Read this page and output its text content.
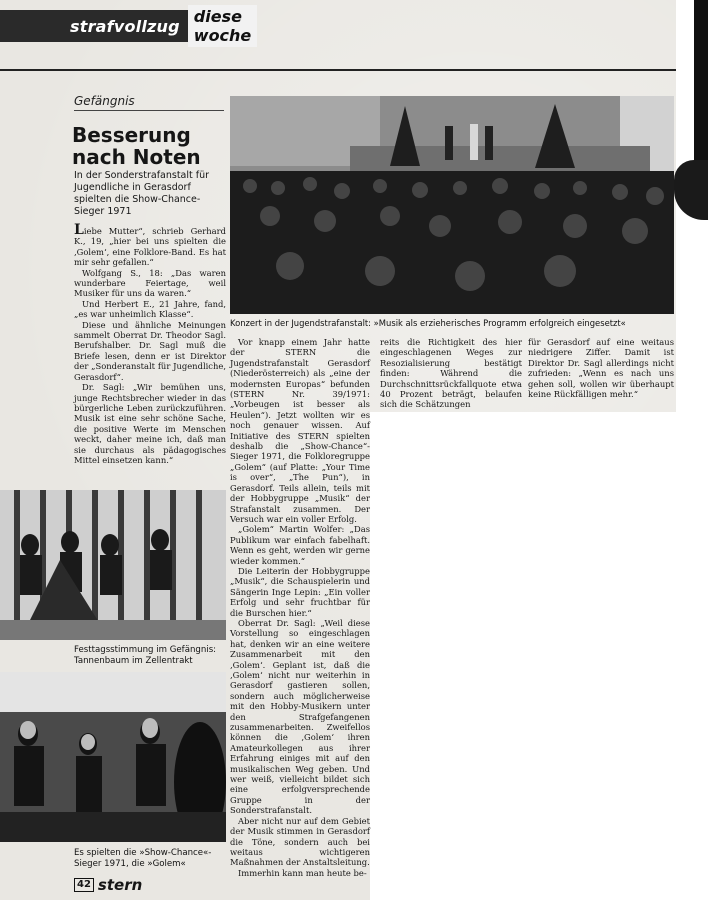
strafvollzug diese woche
Gefängnis
Besserung
nach Noten
In der Sonderstrafanstalt für Jugendliche in Gerasdorf spielten die Show-Chance-Sieger 1971
Konzert in der Jugendstrafanstalt: »Musik als erzieherisches Programm erfolgreich eingesetzt«
Festtagsstimmung im Gefängnis: Tannenbaum im Zellentrakt
Es spielten die »Show-Chance«-Sieger 1971, die »Golem«

Liebe Mutter“, schrieb Gerhard K., 19, „hier bei uns spielten die ‚Golem‘, eine Folklore-Band. Es hat mir sehr gefallen.“

Wolfgang S., 18: „Das waren wunderbare Feiertage, weil Musiker für uns da waren.“

Und Herbert E., 21 Jahre, fand, „es war unheimlich Klasse“.

Diese und ähnliche Meinungen sammelt Oberrat Dr. Theodor Sagl. Berufshalber. Dr. Sagl muß die Briefe lesen, denn er ist Direktor der „Sonderanstalt für Jugendliche, Gerasdorf“.

Dr. Sagl: „Wir bemühen uns, junge Rechtsbrecher wieder in das bürgerliche Leben zurückzuführen. Musik ist eine sehr schöne Sache, die positive Werte im Menschen weckt, daher meine ich, daß man sie durchaus als pädagogisches Mittel einsetzen kann.“

Vor knapp einem Jahr hatte der STERN die Jugendstrafanstalt Gerasdorf (Niederösterreich) als „eine der modernsten Europas“ befunden (STERN Nr. 39/1971: „Vorbeugen ist besser als Heulen“). Jetzt wollten wir es noch genauer wissen. Auf Initiative des STERN spielten deshalb die „Show-Chance“-Sieger 1971, die Folkloregruppe „Golem“ (auf Platte: „Your Time is over“, „The Pun“), in Gerasdorf. Teils allein, teils mit der Hobbygruppe „Musik“ der Strafanstalt zusammen. Der Versuch war ein voller Erfolg.

„Golem“ Martin Wolfer: „Das Publikum war einfach fabelhaft. Wenn es geht, werden wir gerne wieder kommen.“

Die Leiterin der Hobbygruppe „Musik“, die Schauspielerin und Sängerin Inge Lepin: „Ein voller Erfolg und sehr fruchtbar für die Burschen hier.“

Oberrat Dr. Sagl: „Weil diese Vorstellung so eingeschlagen hat, denken wir an eine weitere Zusammenarbeit mit den ‚Golem‘. Geplant ist, daß die ‚Golem‘ nicht nur weiterhin in Gerasdorf gastieren sollen, sondern auch möglicherweise mit den Hobby-Musikern unter den Strafgefangenen zusammenarbeiten. Zweifellos können die ‚Golem‘ ihren Amateurkollegen aus ihrer Erfahrung einiges mit auf den musikalischen Weg geben. Und wer weiß, vielleicht bildet sich eine erfolgversprechende Gruppe in der Sonderstrafanstalt.

Aber nicht nur auf dem Gebiet der Musik stimmen in Gerasdorf die Töne, sondern auch bei weitaus wichtigeren Maßnahmen der Anstaltsleitung.

Immerhin kann man heute be-

reits die Richtigkeit des hier eingeschlagenen Weges zur Resozialisierung bestätigt finden: Während die Durchschnittsrückfallquote etwa 40 Prozent beträgt, belaufen sich die Schätzungen

für Gerasdorf auf eine weitaus niedrigere Ziffer. Damit ist Direktor Dr. Sagl allerdings nicht zufrieden: „Wenn es nach uns gehen soll, wollen wir überhaupt keine Rückfälligen mehr.“

42 stern
